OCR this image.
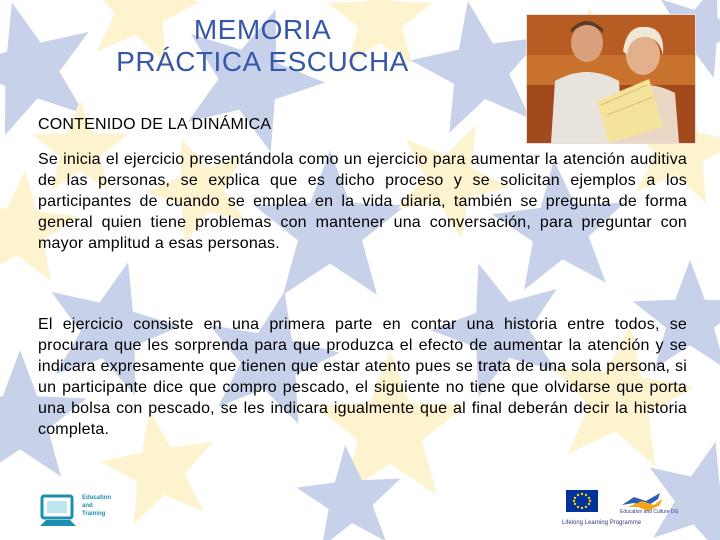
MEMORIA
PRÁCTICA ESCUCHA
CONTENIDO DE LA DINÁMICA

Se inicia el ejercicio presentándola como un ejercicio para aumentar la atención auditiva de las personas, se explica que es dicho proceso y se solicitan ejemplos a los participantes de cuando se emplea en la vida diaria, también se pregunta de forma general quien tiene problemas con mantener una conversación, para preguntar con mayor amplitud a esas personas.

El ejercicio consiste en una primera parte en contar una historia entre todos, se procurara que les sorprenda para que produzca el efecto de aumentar la atención y se indicara expresamente que tienen que estar atento pues se trata de una sola persona, si un participante dice que compro pescado, el siguiente no tiene que olvidarse que porta una bolsa con pescado, se les indicara igualmente que al final deberán decir la historia completa.

Education
and
Training	Education and Culture DG
Lifelong Learning Programme
